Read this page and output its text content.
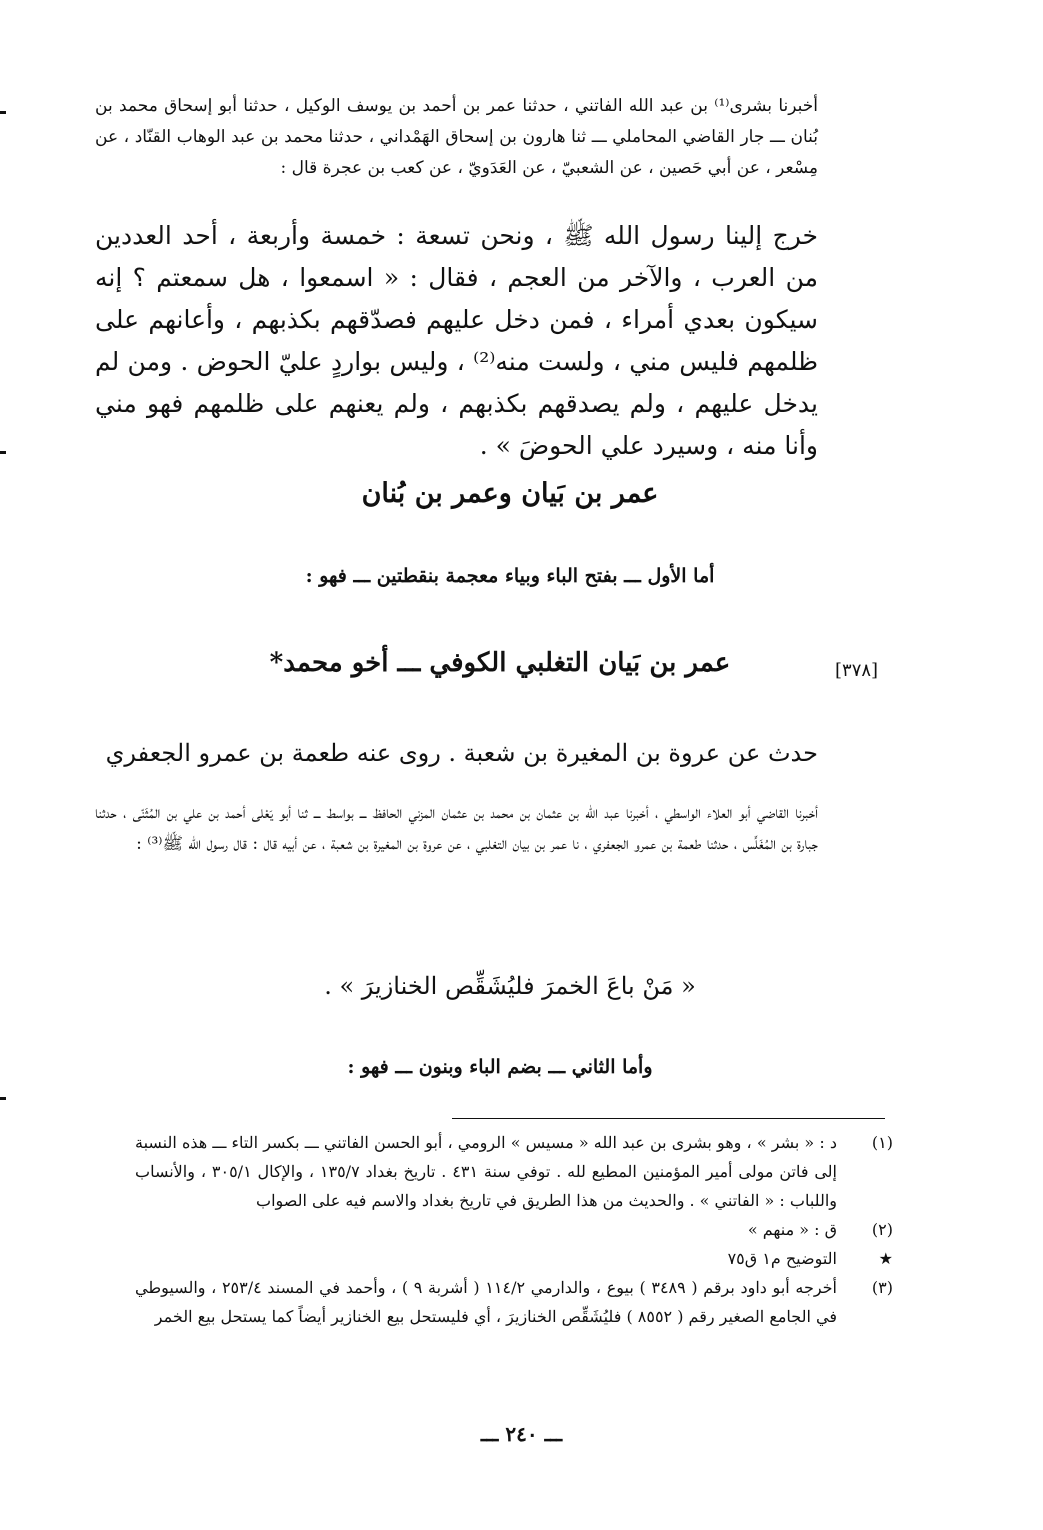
أخبرنا بشرى⁽¹⁾ بن عبد الله الفاتني ، حدثنا عمر بن أحمد بن يوسف الوكيل ، حدثنا أبو إسحاق محمد بن بُنان ـــ جار القاضي المحاملي ـــ ثنا هارون بن إسحاق الهَمْداني ، حدثنا محمد بن عبد الوهاب القنّاد ، عن مِسْعر ، عن أبي حَصين ، عن الشعبيّ ، عن العَدَويّ ، عن كعب بن عجرة قال :
خرج إلينا رسول الله ﷺ ، ونحن تسعة : خمسة وأربعة ، أحد العددين من العرب ، والآخر من العجم ، فقال : « اسمعوا ، هل سمعتم ؟ إنه سيكون بعدي أمراء ، فمن دخل عليهم فصدّقهم بكذبهم ، وأعانهم على ظلمهم فليس مني ، ولست منه⁽²⁾ ، وليس بواردٍ عليّ الحوض . ومن لم يدخل عليهم ، ولم يصدقهم بكذبهم ، ولم يعنهم على ظلمهم فهو مني وأنا منه ، وسيرد علي الحوضَ » .
عمر بن بَيان وعمر بن بُنان
أما الأول ـــ بفتح الباء وبياء معجمة بنقطتين ـــ فهو :
[٣٧٨]
عمر بن بَيان التغلبي الكوفي ـــ أخو محمد*
حدث عن عروة بن المغيرة بن شعبة . روى عنه طعمة بن عمرو الجعفري
أخبرنا القاضي أبو العلاء الواسطي ، أخبرنا عبد الله بن عثمان بن محمد بن عثمان المزني الحافظ ـــ بواسط ـــ ثنا أبو يَعْلى أحمد بن علي بن المُثَنّى ، حدثنا جبارة بن المُغَلِّس ، حدثنا طعمة بن عمرو الجعفري ، نا عمر بن بيان التغلبي ، عن عروة بن المغيرة بن شعبة ، عن أبيه قال : قال رسول الله ﷺ⁽³⁾ :
« مَنْ باعَ الخمرَ فليُشَقِّص الخنازيرَ » .
وأما الثاني ـــ بضم الباء وبنون ـــ فهو :
(١)
د : « بشر » ، وهو بشرى بن عبد الله « مسيس » الرومي ، أبو الحسن الفاتني ـــ بكسر التاء ـــ هذه النسبة إلى فاتن مولى أمير المؤمنين المطيع لله . توفي سنة ٤٣١ . تاريخ بغداد ١٣٥/٧ ، والإكال ٣٠٥/١ ، والأنساب واللباب : « الفاتني » . والحديث من هذا الطريق في تاريخ بغداد والاسم فيه على الصواب
(٢)
ق : « منهم »
★
التوضيح م١ ق٧٥
(٣)
أخرجه أبو داود برقم ( ٣٤٨٩ ) بيوع ، والدارمي ١١٤/٢ ( أشربة ٩ ) ، وأحمد في المسند ٢٥٣/٤ ، والسيوطي في الجامع الصغير رقم ( ٨٥٥٢ ) فليُشَقِّص الخنازيرَ ، أي فليستحل بيع الخنازير أيضاً كما يستحل بيع الخمر
ـــ ٢٤٠ ـــ
